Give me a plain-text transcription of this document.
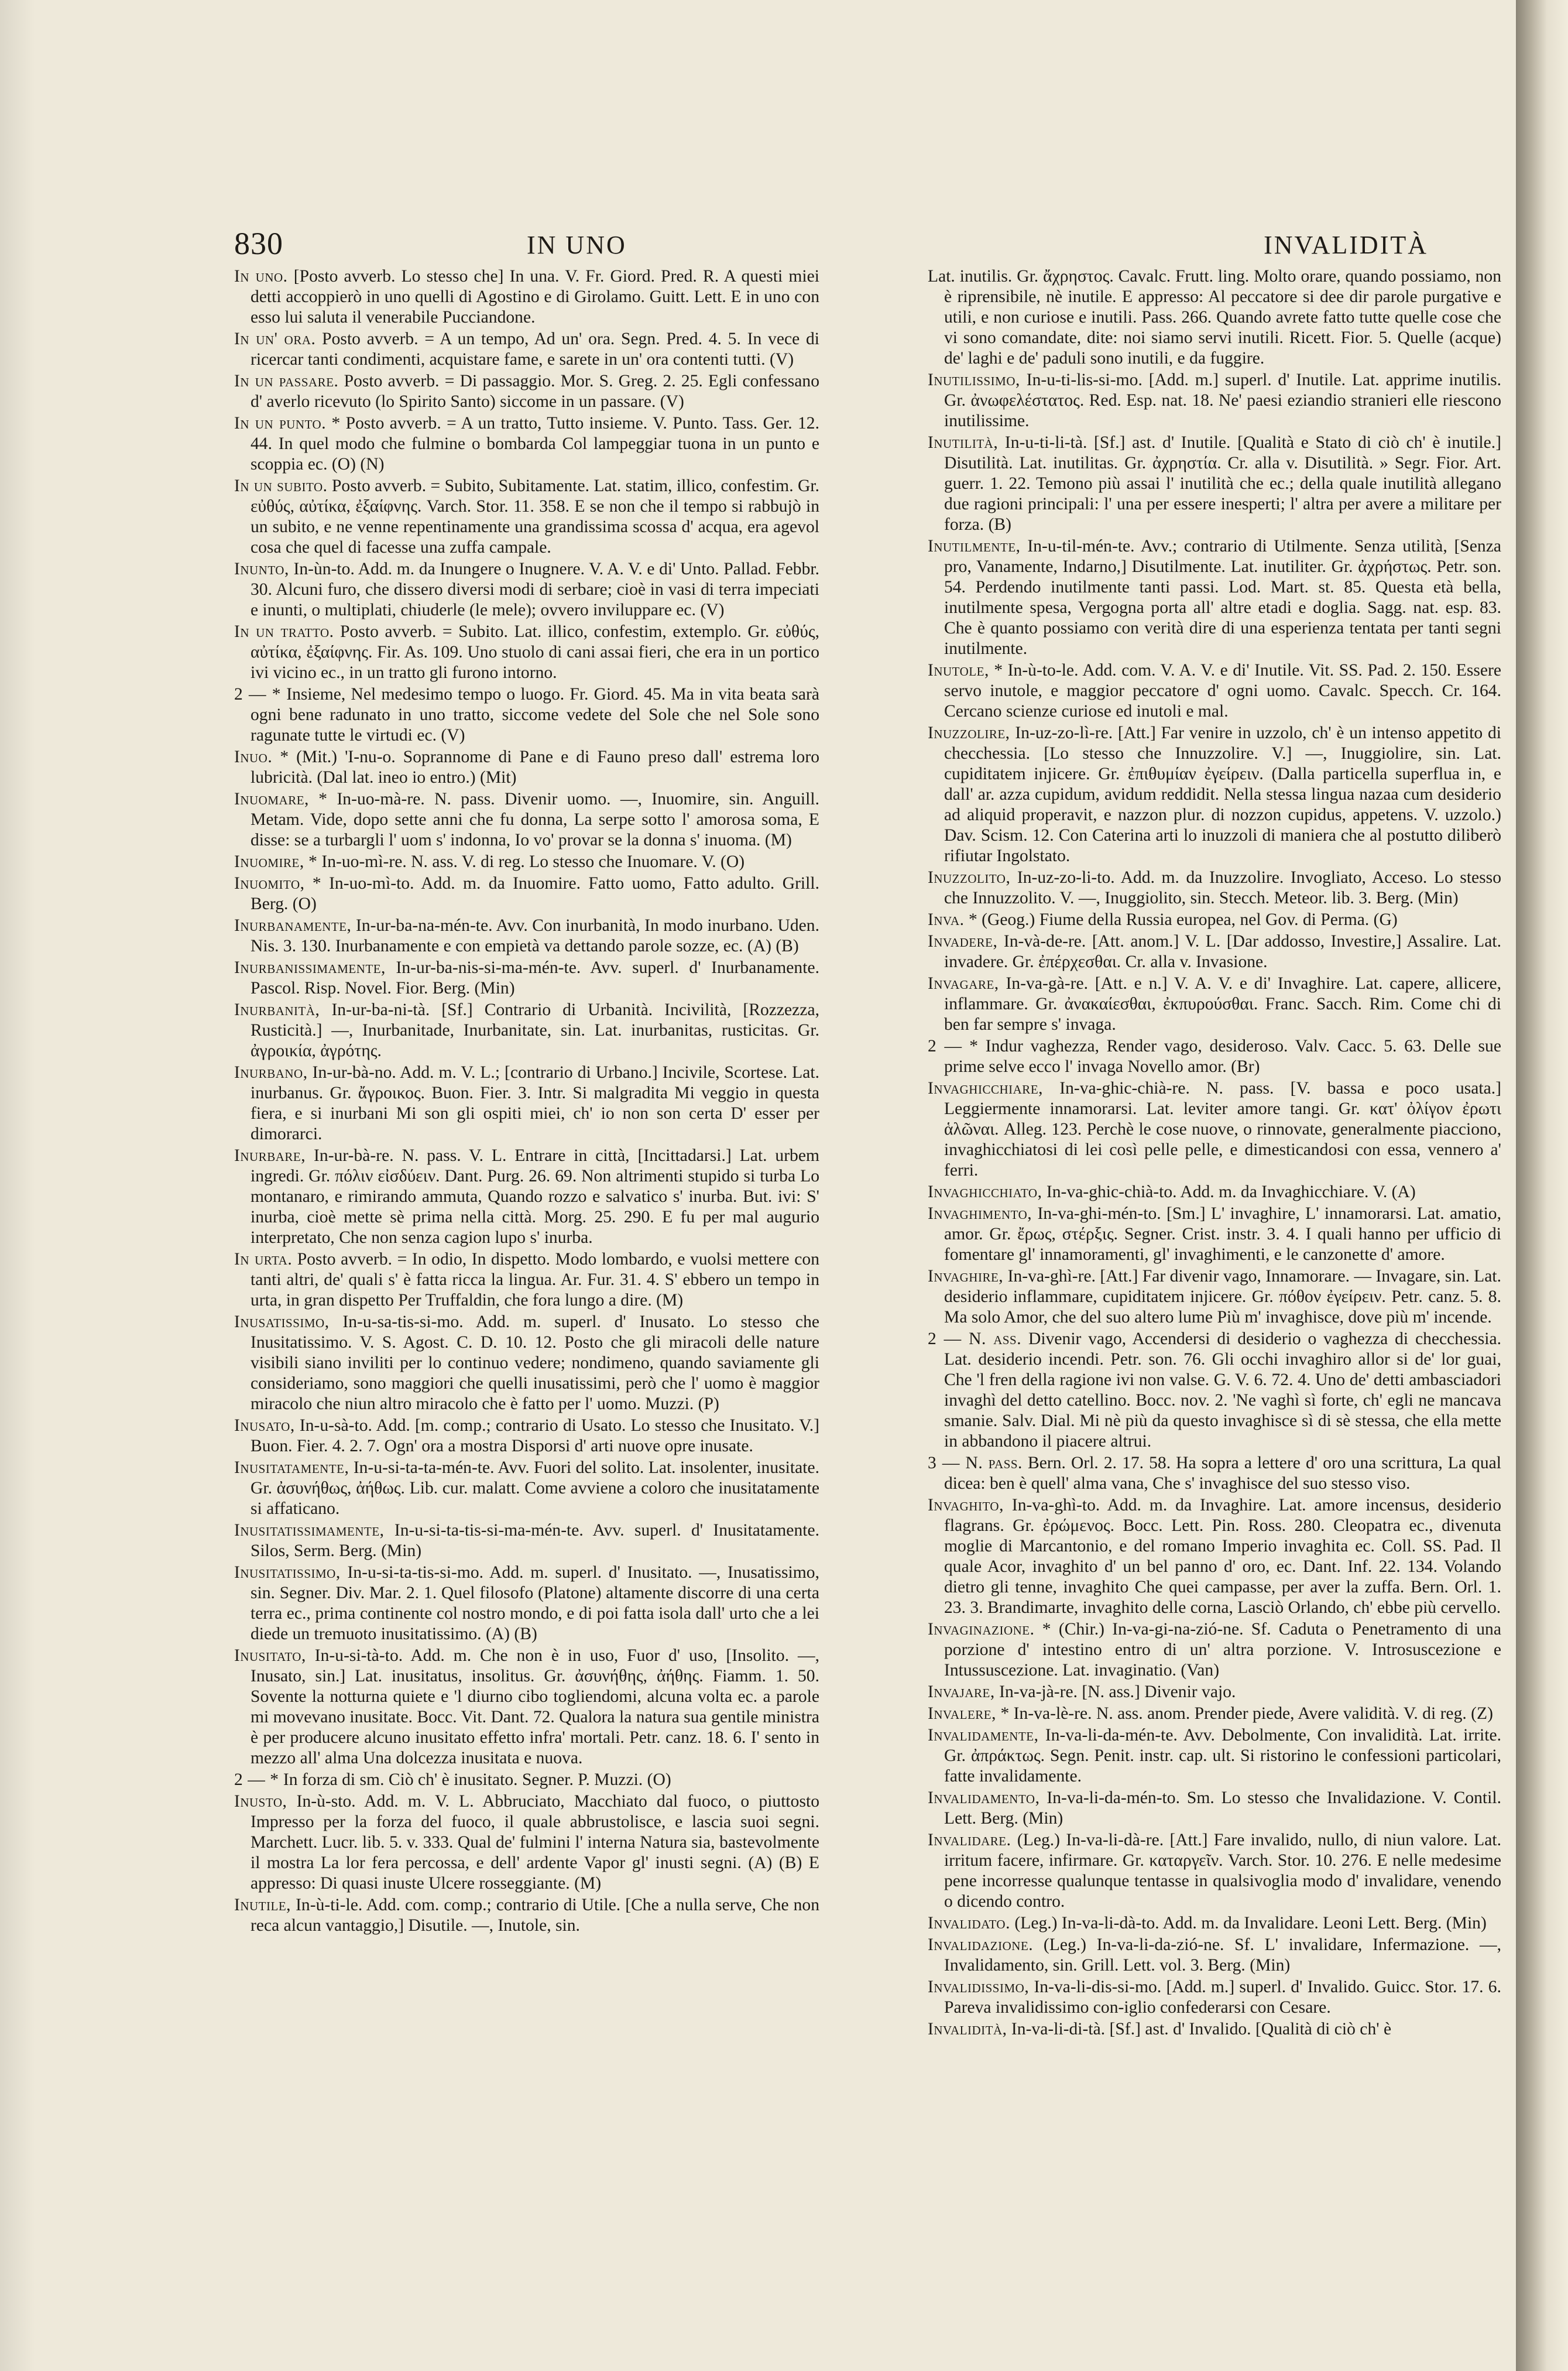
830	IN UNO	INVALIDITÀ

In uno. [Posto avverb. Lo stesso che] In una. V. Fr. Giord. Pred. R. A questi miei detti accoppierò in uno quelli di Agostino e di Girolamo. Guitt. Lett. E in uno con esso lui saluta il venerabile Pucciandone.

In un' ora. Posto avverb. = A un tempo, Ad un' ora. Segn. Pred. 4. 5. In vece di ricercar tanti condimenti, acquistare fame, e sarete in un' ora contenti tutti. (V)

In un passare. Posto avverb. = Di passaggio. Mor. S. Greg. 2. 25. Egli confessano d' averlo ricevuto (lo Spirito Santo) siccome in un passare. (V)

In un punto. * Posto avverb. = A un tratto, Tutto insieme. V. Punto. Tass. Ger. 12. 44. In quel modo che fulmine o bombarda Col lampeggiar tuona in un punto e scoppia ec. (O) (N)

In un subito. Posto avverb. = Subito, Subitamente. Lat. statim, illico, confestim. Gr. εὐθύς, αὐτίκα, ἐξαίφνης. Varch. Stor. 11. 358. E se non che il tempo si rabbujò in un subito, e ne venne repentinamente una grandissima scossa d' acqua, era agevol cosa che quel di facesse una zuffa campale.

Inunto, In-ùn-to. Add. m. da Inungere o Inugnere. V. A. V. e di' Unto. Pallad. Febbr. 30. Alcuni furo, che dissero diversi modi di serbare; cioè in vasi di terra impeciati e inunti, o multiplati, chiuderle (le mele); ovvero inviluppare ec. (V)

In un tratto. Posto avverb. = Subito. Lat. illico, confestim, extemplo. Gr. εὐθύς, αὐτίκα, ἐξαίφνης. Fir. As. 109. Uno stuolo di cani assai fieri, che era in un portico ivi vicino ec., in un tratto gli furono intorno.

2 — * Insieme, Nel medesimo tempo o luogo. Fr. Giord. 45. Ma in vita beata sarà ogni bene radunato in uno tratto, siccome vedete del Sole che nel Sole sono ragunate tutte le virtudi ec. (V)

Inuo. * (Mit.) 'I-nu-o. Soprannome di Pane e di Fauno preso dall' estrema loro lubricità. (Dal lat. ineo io entro.) (Mit)

Inuomare, * In-uo-mà-re. N. pass. Divenir uomo. —, Inuomire, sin. Anguill. Metam. Vide, dopo sette anni che fu donna, La serpe sotto l' amorosa soma, E disse: se a turbargli l' uom s' indonna, Io vo' provar se la donna s' inuoma. (M)

Inuomire, * In-uo-mì-re. N. ass. V. di reg. Lo stesso che Inuomare. V. (O)

Inuomito, * In-uo-mì-to. Add. m. da Inuomire. Fatto uomo, Fatto adulto. Grill. Berg. (O)

Inurbanamente, In-ur-ba-na-mén-te. Avv. Con inurbanità, In modo inurbano. Uden. Nis. 3. 130. Inurbanamente e con empietà va dettando parole sozze, ec. (A) (B)

Inurbanissimamente, In-ur-ba-nis-si-ma-mén-te. Avv. superl. d' Inurbanamente. Pascol. Risp. Novel. Fior. Berg. (Min)

Inurbanità, In-ur-ba-ni-tà. [Sf.] Contrario di Urbanità. Incivilità, [Rozzezza, Rusticità.] —, Inurbanitade, Inurbanitate, sin. Lat. inurbanitas, rusticitas. Gr. ἀγροικία, ἀγρότης.

Inurbano, In-ur-bà-no. Add. m. V. L.; [contrario di Urbano.] Incivile, Scortese. Lat. inurbanus. Gr. ἄγροικος. Buon. Fier. 3. Intr. Si malgradita Mi veggio in questa fiera, e si inurbani Mi son gli ospiti miei, ch' io non son certa D' esser per dimorarci.

Inurbare, In-ur-bà-re. N. pass. V. L. Entrare in città, [Incittadarsi.] Lat. urbem ingredi. Gr. πόλιν εἰσδύειν. Dant. Purg. 26. 69. Non altrimenti stupido si turba Lo montanaro, e rimirando ammuta, Quando rozzo e salvatico s' inurba. But. ivi: S' inurba, cioè mette sè prima nella città. Morg. 25. 290. E fu per mal augurio interpretato, Che non senza cagion lupo s' inurba.

In urta. Posto avverb. = In odio, In dispetto. Modo lombardo, e vuolsi mettere con tanti altri, de' quali s' è fatta ricca la lingua. Ar. Fur. 31. 4. S' ebbero un tempo in urta, in gran dispetto Per Truffaldin, che fora lungo a dire. (M)

Inusatissimo, In-u-sa-tis-si-mo. Add. m. superl. d' Inusato. Lo stesso che Inusitatissimo. V. S. Agost. C. D. 10. 12. Posto che gli miracoli delle nature visibili siano inviliti per lo continuo vedere; nondimeno, quando saviamente gli consideriamo, sono maggiori che quelli inusatissimi, però che l' uomo è maggior miracolo che niun altro miracolo che è fatto per l' uomo. Muzzi. (P)

Inusato, In-u-sà-to. Add. [m. comp.; contrario di Usato. Lo stesso che Inusitato. V.] Buon. Fier. 4. 2. 7. Ogn' ora a mostra Disporsi d' arti nuove opre inusate.

Inusitatamente, In-u-si-ta-ta-mén-te. Avv. Fuori del solito. Lat. insolenter, inusitate. Gr. ἀσυνήθως, ἀήθως. Lib. cur. malatt. Come avviene a coloro che inusitatamente si affaticano.

Inusitatissimamente, In-u-si-ta-tis-si-ma-mén-te. Avv. superl. d' Inusitatamente. Silos, Serm. Berg. (Min)

Inusitatissimo, In-u-si-ta-tis-si-mo. Add. m. superl. d' Inusitato. —, Inusatissimo, sin. Segner. Div. Mar. 2. 1. Quel filosofo (Platone) altamente discorre di una certa terra ec., prima continente col nostro mondo, e di poi fatta isola dall' urto che a lei diede un tremuoto inusitatissimo. (A) (B)

Inusitato, In-u-si-tà-to. Add. m. Che non è in uso, Fuor d' uso, [Insolito. —, Inusato, sin.] Lat. inusitatus, insolitus. Gr. ἀσυνήθης, ἀήθης. Fiamm. 1. 50. Sovente la notturna quiete e 'l diurno cibo togliendomi, alcuna volta ec. a parole mi movevano inusitate. Bocc. Vit. Dant. 72. Qualora la natura sua gentile ministra è per producere alcuno inusitato effetto infra' mortali. Petr. canz. 18. 6. I' sento in mezzo all' alma Una dolcezza inusitata e nuova.

2 — * In forza di sm. Ciò ch' è inusitato. Segner. P. Muzzi. (O)

Inusto, In-ù-sto. Add. m. V. L. Abbruciato, Macchiato dal fuoco, o piuttosto Impresso per la forza del fuoco, il quale abbrustolisce, e lascia suoi segni. Marchett. Lucr. lib. 5. v. 333. Qual de' fulmini l' interna Natura sia, bastevolmente il mostra La lor fera percossa, e dell' ardente Vapor gl' inusti segni. (A) (B) E appresso: Di quasi inuste Ulcere rosseggiante. (M)

Inutile, In-ù-ti-le. Add. com. comp.; contrario di Utile. [Che a nulla serve, Che non reca alcun vantaggio,] Disutile. —, Inutole, sin.

Lat. inutilis. Gr. ἄχρηστος. Cavalc. Frutt. ling. Molto orare, quando possiamo, non è riprensibile, nè inutile. E appresso: Al peccatore si dee dir parole purgative e utili, e non curiose e inutili. Pass. 266. Quando avrete fatto tutte quelle cose che vi sono comandate, dite: noi siamo servi inutili. Ricett. Fior. 5. Quelle (acque) de' laghi e de' paduli sono inutili, e da fuggire.

Inutilissimo, In-u-ti-lis-si-mo. [Add. m.] superl. d' Inutile. Lat. apprime inutilis. Gr. ἀνωφελέστατος. Red. Esp. nat. 18. Ne' paesi eziandio stranieri elle riescono inutilissime.

Inutilità, In-u-ti-li-tà. [Sf.] ast. d' Inutile. [Qualità e Stato di ciò ch' è inutile.] Disutilità. Lat. inutilitas. Gr. ἀχρηστία. Cr. alla v. Disutilità. » Segr. Fior. Art. guerr. 1. 22. Temono più assai l' inutilità che ec.; della quale inutilità allegano due ragioni principali: l' una per essere inesperti; l' altra per avere a militare per forza. (B)

Inutilmente, In-u-til-mén-te. Avv.; contrario di Utilmente. Senza utilità, [Senza pro, Vanamente, Indarno,] Disutilmente. Lat. inutiliter. Gr. ἀχρήστως. Petr. son. 54. Perdendo inutilmente tanti passi. Lod. Mart. st. 85. Questa età bella, inutilmente spesa, Vergogna porta all' altre etadi e doglia. Sagg. nat. esp. 83. Che è quanto possiamo con verità dire di una esperienza tentata per tanti segni inutilmente.

Inutole, * In-ù-to-le. Add. com. V. A. V. e di' Inutile. Vit. SS. Pad. 2. 150. Essere servo inutole, e maggior peccatore d' ogni uomo. Cavalc. Specch. Cr. 164. Cercano scienze curiose ed inutoli e mal.

Inuzzolire, In-uz-zo-lì-re. [Att.] Far venire in uzzolo, ch' è un intenso appetito di checchessia. [Lo stesso che Innuzzolire. V.] —, Inuggiolire, sin. Lat. cupiditatem injicere. Gr. ἐπιθυμίαν ἐγείρειν. (Dalla particella superflua in, e dall' ar. azza cupidum, avidum reddidit. Nella stessa lingua nazaa cum desiderio ad aliquid properavit, e nazzon plur. di nozzon cupidus, appetens. V. uzzolo.) Dav. Scism. 12. Con Caterina arti lo inuzzoli di maniera che al postutto diliberò rifiutar Ingolstato.

Inuzzolito, In-uz-zo-li-to. Add. m. da Inuzzolire. Invogliato, Acceso. Lo stesso che Innuzzolito. V. —, Inuggiolito, sin. Stecch. Meteor. lib. 3. Berg. (Min)

Inva. * (Geog.) Fiume della Russia europea, nel Gov. di Perma. (G)

Invadere, In-và-de-re. [Att. anom.] V. L. [Dar addosso, Investire,] Assalire. Lat. invadere. Gr. ἐπέρχεσθαι. Cr. alla v. Invasione.

Invagare, In-va-gà-re. [Att. e n.] V. A. V. e di' Invaghire. Lat. capere, allicere, inflammare. Gr. ἀνακαίεσθαι, ἐκπυρούσθαι. Franc. Sacch. Rim. Come chi di ben far sempre s' invaga.

2 — * Indur vaghezza, Render vago, desideroso. Valv. Cacc. 5. 63. Delle sue prime selve ecco l' invaga Novello amor. (Br)

Invaghicchiare, In-va-ghic-chià-re. N. pass. [V. bassa e poco usata.] Leggiermente innamorarsi. Lat. leviter amore tangi. Gr. κατ' ὀλίγον ἐρωτι ἁλῶναι. Alleg. 123. Perchè le cose nuove, o rinnovate, generalmente piacciono, invaghicchiatosi di lei così pelle pelle, e dimesticandosi con essa, vennero a' ferri.

Invaghicchiato, In-va-ghic-chià-to. Add. m. da Invaghicchiare. V. (A)

Invaghimento, In-va-ghi-mén-to. [Sm.] L' invaghire, L' innamorarsi. Lat. amatio, amor. Gr. ἔρως, στέρξις. Segner. Crist. instr. 3. 4. I quali hanno per ufficio di fomentare gl' innamoramenti, gl' invaghimenti, e le canzonette d' amore.

Invaghire, In-va-ghì-re. [Att.] Far divenir vago, Innamorare. — Invagare, sin. Lat. desiderio inflammare, cupiditatem injicere. Gr. πόθον ἐγείρειν. Petr. canz. 5. 8. Ma solo Amor, che del suo altero lume Più m' invaghisce, dove più m' incende.

2 — N. ass. Divenir vago, Accendersi di desiderio o vaghezza di checchessia. Lat. desiderio incendi. Petr. son. 76. Gli occhi invaghiro allor si de' lor guai, Che 'l fren della ragione ivi non valse. G. V. 6. 72. 4. Uno de' detti ambasciadori invaghì del detto catellino. Bocc. nov. 2. 'Ne vaghì sì forte, ch' egli ne mancava smanie. Salv. Dial. Mi nè più da questo invaghisce sì di sè stessa, che ella mette in abbandono il piacere altrui.

3 — N. pass. Bern. Orl. 2. 17. 58. Ha sopra a lettere d' oro una scrittura, La qual dicea: ben è quell' alma vana, Che s' invaghisce del suo stesso viso.

Invaghito, In-va-ghì-to. Add. m. da Invaghire. Lat. amore incensus, desiderio flagrans. Gr. ἐρώμενος. Bocc. Lett. Pin. Ross. 280. Cleopatra ec., divenuta moglie di Marcantonio, e del romano Imperio invaghita ec. Coll. SS. Pad. Il quale Acor, invaghito d' un bel panno d' oro, ec. Dant. Inf. 22. 134. Volando dietro gli tenne, invaghito Che quei campasse, per aver la zuffa. Bern. Orl. 1. 23. 3. Brandimarte, invaghito delle corna, Lasciò Orlando, ch' ebbe più cervello.

Invaginazione. * (Chir.) In-va-gi-na-zió-ne. Sf. Caduta o Penetramento di una porzione d' intestino entro di un' altra porzione. V. Introsuscezione e Intussuscezione. Lat. invaginatio. (Van)

Invajare, In-va-jà-re. [N. ass.] Divenir vajo.

Invalere, * In-va-lè-re. N. ass. anom. Prender piede, Avere validità. V. di reg. (Z)

Invalidamente, In-va-li-da-mén-te. Avv. Debolmente, Con invalidità. Lat. irrite. Gr. ἀπράκτως. Segn. Penit. instr. cap. ult. Si ristorino le confessioni particolari, fatte invalidamente.

Invalidamento, In-va-li-da-mén-to. Sm. Lo stesso che Invalidazione. V. Contil. Lett. Berg. (Min)

Invalidare. (Leg.) In-va-li-dà-re. [Att.] Fare invalido, nullo, di niun valore. Lat. irritum facere, infirmare. Gr. καταργεῖν. Varch. Stor. 10. 276. E nelle medesime pene incorresse qualunque tentasse in qualsivoglia modo d' invalidare, venendo o dicendo contro.

Invalidato. (Leg.) In-va-li-dà-to. Add. m. da Invalidare. Leoni Lett. Berg. (Min)

Invalidazione. (Leg.) In-va-li-da-zió-ne. Sf. L' invalidare, Infermazione. —, Invalidamento, sin. Grill. Lett. vol. 3. Berg. (Min)

Invalidissimo, In-va-li-dis-si-mo. [Add. m.] superl. d' Invalido. Guicc. Stor. 17. 6. Pareva invalidissimo con-iglio confederarsi con Cesare.

Invalidità, In-va-li-di-tà. [Sf.] ast. d' Invalido. [Qualità di ciò ch' è
